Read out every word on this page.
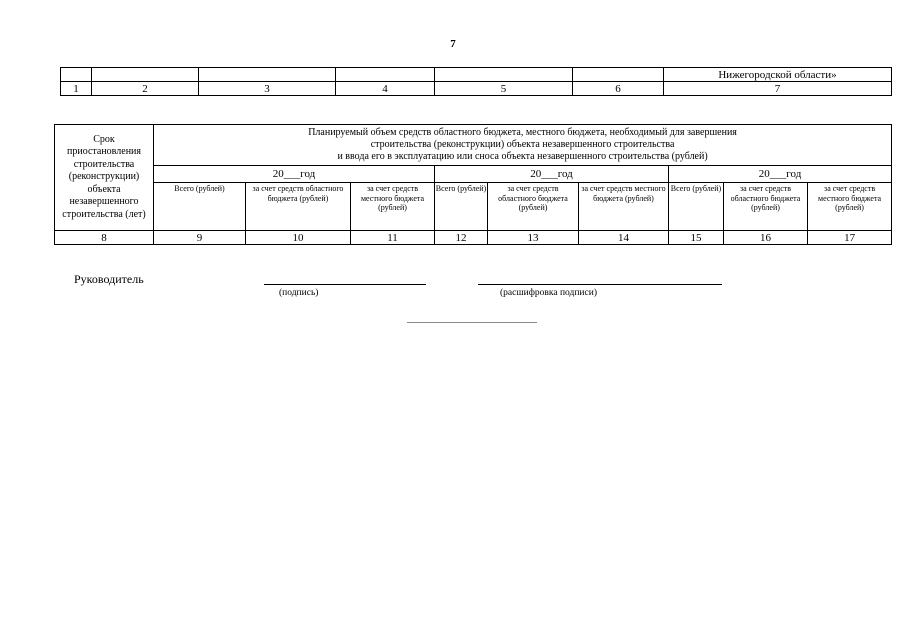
7
						Нижегородской области»
1	2	3	4	5	6	7
Срок приостановления строительства (реконструкции) объекта незавершенного строительства (лет)	Планируемый объем средств областного бюджета, местного бюджета, необходимый для завершения
строительства (реконструкции) объекта незавершенного строительства
и ввода его в эксплуатацию или сноса объекта незавершенного строительства (рублей)								

	20___год			20___год			20___год		
	Всего (рублей)	за счет средств областного бюджета (рублей)	за счет средств местного бюджета (рублей)	Всего (рублей)	за счет средств областного бюджета (рублей)	за счет средств местного бюджета (рублей)	Всего (рублей)	за счет средств областного бюджета (рублей)	за счет средств местного бюджета (рублей)
8	9	10	11	12	13	14	15	16	17
Руководитель
(подпись)	(расшифровка подписи)
